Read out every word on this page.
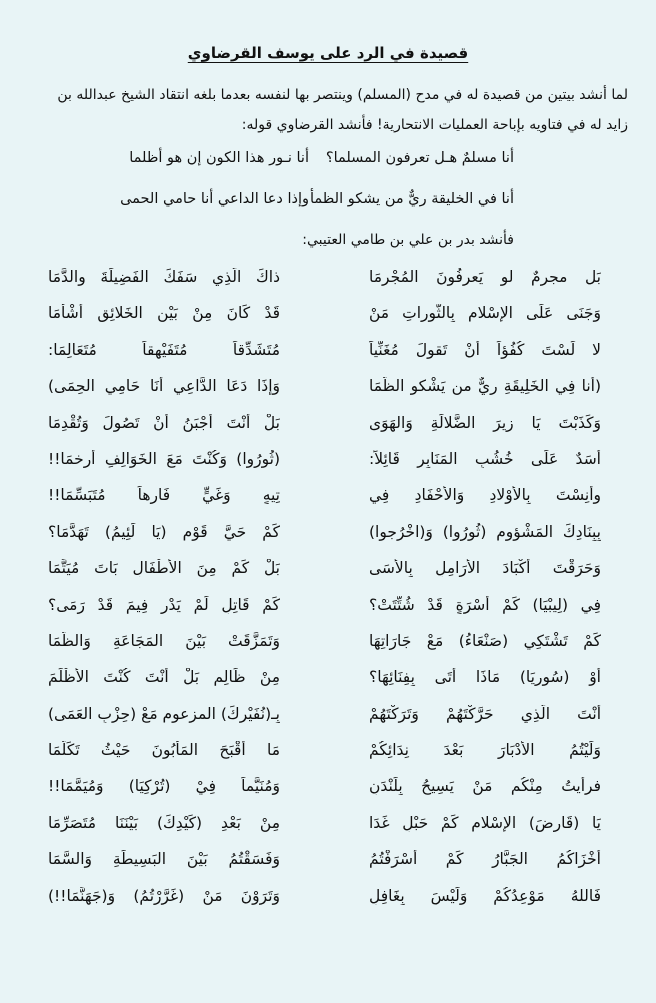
قصيدة في الرد على يوسف القرضاوي

لما أنشد بيتين من قصيدة له في مدح (المسلم) وينتصر بها لنفسه بعدما بلغه انتقاد الشيخ عبدالله بن

زايد له في فتاويه بإباحة العمليات الانتحارية! فأنشد القرضاوي قوله:

أنا مسلمٌ هـل تعرفون المسلما؟
أنا نـور هذا الكون إن هو أظلما
أنا في الخليقة ريٌّ من يشكو الظمأ
وإذا دعا الداعي أنا حامي الحمى
فأنشد بدر بن علي بن طامي العتيبي:
بَل مجرمٌ لو يَعرِفُونَ المُجْرِمَا
ذاكَ الَّذِي سَفَكَ الفَضِيلَةَ والدَّمَا
وَجَنَى عَلَى الإِسْلامِ بِالثَّوراتِ مَنْ
قَدْ كَانَ مِنْ بَيْنِ الخَلائِقِ أَشْأَمَا
لا لَسْتَ كُفُؤاً أَنْ تَقولَ مُغَنِّياً
مُتَشَدِّقاً مُتَفَيْهِقاً مُتَعَالِمَا:
(أَنا فِي الخَلِيقَةِ رِيٌّ من يَشْكو الظَّمَا
وَإِذَا دَعَا الدَّاعِي أَنَا حَامِي الحِمَى)
وَكَذَبْتَ يَا زِيرَ الضَّلالَةِ وَالهَوَى
بَلْ أَنْتَ أَجْبَنُ أَنْ تَصُولَ وَتُقْدِمَا
أَسَدٌ عَلَى خُشُبِ المَنَابِرِ قَائِلاً:
(ثُورُوا) وَكُنْتَ مَعَ الخَوَالِفِ أرخمَا!!
وأنِسْتَ بِالأَوْلادِ وَالأَحْفَادِ فِي
تِيهٍ وَغَيٍّ فَارِهاً مُتَبَسِّمَا!!
بِبِنَادِكَ المَشْؤومِ (ثُورُوا) وَ(اخْرُجوا)
كَمْ حَيَّ قَوْمٍ (يَا لَئِيمُ) تَهَدَّمَا؟
وَحَرَقْتَ أَكْبَادَ الأَرَامِلِ بِالأَسَى
بَلْ كَمْ مِنَ الأَطْفَالِ بَاتَ مُيَتَّمَا
فِي (لِيبْيَا) كَمْ أُسْرَةٍ قَدْ شُتِّتَتْ؟
كَمْ قَاتِلٍ لَمْ يَدْرِ فِيمَ قَدْ رَمَى؟
كَمْ تَشْتَكِي (صَنْعَاءُ) مَعْ جَارَاتِهَا
وَتَمَزَّقَتْ بَيْنَ المَجَاعَةِ وَالظَّمَا
أَوْ (سُورِيَا) مَاذَا أَتَى بِفِنَائِهَا؟
مِنْ ظَالِمٍ بَلْ أَنْتَ كُنْتَ الأَظْلَمَ
أَنْتَ الَّذِي حَرَّكْتَهُمْ وَتَرَكْتَهُمْ
بِـ(نُفَيْرِكَ) المزعوم مَعْ (حِزْبِ العَمَى)
وَلَيْتُمُ الأَدْبَارَ بَعْدَ نِدَائِكُمْ
مَا أَقْبَحَ المَأْبُونَ حَيْثُ تَكَلَّمَا
فرأيتُ مِنْكُم مَنْ يَسِيحُ بِلَنْدَنٍ
وَمُنَيَّماً فِيْ (تُرْكِيَا) وَمُيَمَّمَا!!
يَا (قَارِضَ) الإِسْلامِ كَمْ حَبْلٍ غَدَا
مِنْ بَعْدِ (كَيْدِكَ) بَيْنَنَا مُتَصَرِّمَا
أَخْزَاكُمُ الجَبَّارُ كَمْ أَسْرَفْتُمُ
وَفَسَقْتُمُ بَيْنَ البَسِيطَةِ وَالسَّمَا
فَاللهُ مَوْعِدُكُمْ وَلَيْسَ بِغَافِلٍ
وَتَرَوْنَ مَنْ (غَرَّرْتُمُ) وَ(جَهَنَّمَا!!)
